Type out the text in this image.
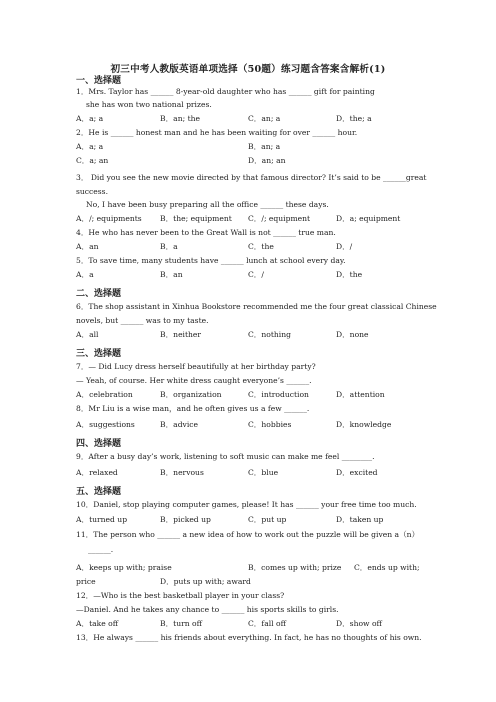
初三中考人教版英语单项选择（50题）练习题含答案含解析(1)
一、选择题
1．Mrs. Taylor has ______ 8-year-old daughter who has ______ gift for painting
she has won two national prizes.
A．a; a	B．an; the	C．an; a	D．the; a
2．He is ______ honest man and he has been waiting for over ______ hour.
A．a; a	B．an; a
C．a; an	D．an; an
3． Did you see the new movie directed by that famous director? It’s said to be ______great
success.
No, I have been busy preparing all the office ______ these days.
A．/; equipments B．the; equipment C．/; equipment	D．a; equipment
4．He who has never been to the Great Wall is not ______ true man.
A．an	B．a	C．the	D．/
5．To save time, many students have ______ lunch at school every day.
A．a	B．an	C．/	D．the
二、选择题
6．The shop assistant in Xinhua Bookstore recommended me the four great classical Chinese
novels, but ______ was to my taste.
A．all	B．neither	C．nothing	D．none
三、选择题
7．— Did Lucy dress herself beautifully at her birthday party?
— Yeah, of course. Her white dress caught everyone’s ______.
A．celebration	B．organization	C．introduction	D．attention
8．Mr Liu is a wise man，and he often gives us a few ______.
A．suggestions	B．advice	C．hobbies	D．knowledge
四、选择题
9．After a busy day’s work, listening to soft music can make me feel ________.
A．relaxed	B．nervous	C．blue	D．excited
五、选择题
10．Daniel, stop playing computer games, please! It has ______ your free time too much.
A．turned up	B．picked up	C．put up	D．taken up
11．The person who ______ a new idea of how to work out the puzzle will be given a（n）
______.
A．keeps up with; praise	B．comes up with; prize C．ends up with;
price	D．puts up with; award
12．—Who is the best basketball player in your class?
—Daniel. And he takes any chance to ______ his sports skills to girls.
A．take off	B．turn off	C．fall off	D．show off
13．He always ______ his friends about everything. In fact, he has no thoughts of his own.
